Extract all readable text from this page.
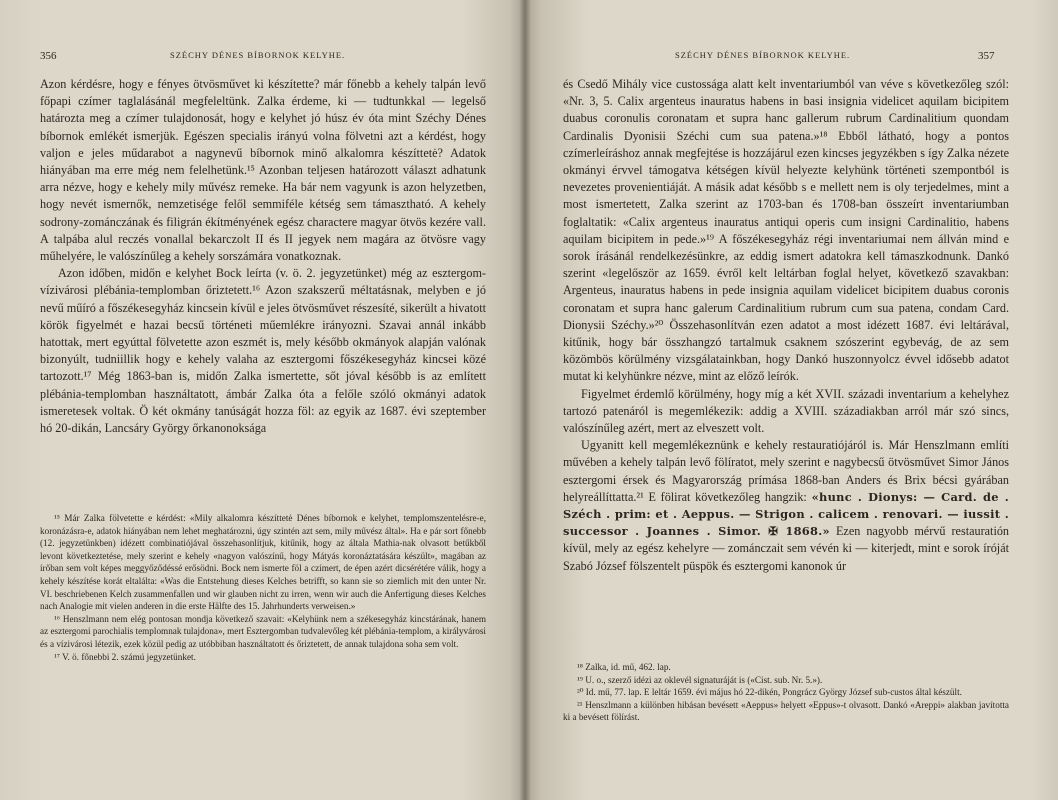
356	SZÉCHY DÉNES BÍBORNOK KELYHE.

Azon kérdésre, hogy e fényes ötvösművet ki készítette? már főnebb a kehely talpán levő főpapi czímer taglalásánál megfeleltünk. Zalka érdeme, ki — tudtunkkal — legelső határozta meg a czímer tulajdonosát, hogy e kelyhet jó húsz év óta mint Széchy Dénes bíbornok emlékét ismerjük. Egészen specialis irányú volna fölvetni azt a kérdést, hogy valjon e jeles műdarabot a nagynevű bíbornok minő alkalomra készíttetė? Adatok hiányában ma erre még nem felelhetünk.¹⁵ Azonban teljesen határozott választ adhatunk arra nézve, hogy e kehely mily művész remeke. Ha bár nem vagyunk is azon helyzetben, hogy nevét ismernők, nemzetisége felől semmiféle kétség sem támasztható. A kehely sodrony-zománczának és filigrán ékítményének egész charactere magyar ötvös kezére vall. A talpába alul reczés vonallal bekarczolt II és II jegyek nem magára az ötvösre vagy műhelyére, le valószínűleg a kehely sorszámára vonatkoznak.

Azon időben, midőn e kelyhet Bock leírta (v. ö. 2. jegyzetünket) még az esztergom-vízivárosi plébánia-templomban őriztetett.¹⁶ Azon szakszerű méltatásnak, melyben e jó nevű műíró a főszékesegyház kincsein kívül e jeles ötvösművet részesíté, sikerült a hivatott körök figyelmét e hazai becsű történeti műemlékre irányozni. Szavai annál inkább hatottak, mert egyúttal fölvetette azon eszmét is, mely később okmányok alapján valónak bizonyúlt, tudniillik hogy e kehely valaha az esztergomi főszékesegyház kincsei közé tartozott.¹⁷ Még 1863-ban is, midőn Zalka ismertette, sőt jóval később is az említett plébánia-templomban használtatott, ámbár Zalka óta a felőle szóló okmányi adatok ismeretesek voltak. Ö két okmány tanúságát hozza föl: az egyik az 1687. évi szeptember hó 20-dikán, Lancsáry György őrkanonoksága

¹⁵ Már Zalka fölvetette e kérdést: «Mily alkalomra készíttetė Dénes bíbornok e kelyhet, templomszentelésre-e, koronázásra-e, adatok hiányában nem lehet meghatározni, úgy szintén azt sem, mily művész által». Ha e pár sort főnebb (12. jegyzetünkben) idézett combinatiójával összehasonlítjuk, kitűnik, hogy az általa Mathia-nak olvasott betűkből levont következtetése, mely szerint e kehely «nagyon valószínű, hogy Mátyás koronáztatására készült», magában az írőban sem volt képes meggyőződéssé erősödni. Bock nem ismerte föl a czímert, de épen azért dicsérétére válik, hogy a kehely készítése korát eltalálta: «Was die Entstehung dieses Kelches betrifft, so kann sie so ziemlich mit den unter Nr. VI. beschriebenen Kelch zusammenfallen und wir glauben nicht zu irren, wenn wir auch die Anfertigung dieses Kelches nach Analogie mit vielen anderen in die erste Hälfte des 15. Jahrhunderts verweisen.»

¹⁶ Henszlmann nem elég pontosan mondja következő szavait: «Kelyhünk nem a székesegyház kincstárának, hanem az esztergomi parochialis templomnak tulajdona», mert Esztergomban tudvalevőleg két plébánia-templom, a királyvárosi és a vízivárosi létezik, ezek közül pedig az utóbbiban használtatott és őriztetett, de annak tulajdona soha sem volt.

¹⁷ V. ö. főnebbi 2. számú jegyzetünket.

SZÉCHY DÉNES BÍBORNOK KELYHE.	357

és Csedő Mihály vice custossága alatt kelt inventariumból van véve s következőleg szól: «Nr. 3, 5. Calix argenteus inauratus habens in basi insignia videlicet aquilam bicipitem duabus coronulis coronatam et supra hanc gallerum rubrum Cardinalitium quondam Cardinalis Dyonisii Széchi cum sua patena.»¹⁸ Ebből látható, hogy a pontos czímerleíráshoz annak megfejtése is hozzájárul ezen kincses jegyzékben s így Zalka nézete okmányi érvvel támogatva kétségen kívül helyezte kelyhünk történeti szempontból is nevezetes provenientiáját. A másik adat később s e mellett nem is oly terjedelmes, mint a most ismertetett, Zalka szerint az 1703-ban és 1708-ban összeírt inventariumban foglaltatik: «Calix argenteus inauratus antiqui operis cum insigni Cardinalitio, habens aquilam bicipitem in pede.»¹⁹ A főszékesegyház régi inventariumai nem állván mind e sorok írásánál rendelkezésünkre, az eddig ismert adatokra kell támaszkodnunk. Dankó szerint «legelőször az 1659. évről kelt leltárban foglal helyet, következő szavakban: Argenteus, inauratus habens in pede insignia aquilam videlicet bicipitem duabus coronis coronatam et supra hanc galerum Cardinalitium rubrum cum sua patena, condam Card. Dionysii Széchy.»²⁰ Összehasonlítván ezen adatot a most idézett 1687. évi leltárával, kitűnik, hogy bár összhangzó tartalmuk csaknem szószerint egybevág, de az sem közömbös körülmény vizsgálatainkban, hogy Dankó huszonnyolcz évvel idősebb adatot mutat ki kelyhünkre nézve, mint az előző leírók.

Figyelmet érdemlő körülmény, hogy míg a két XVII. századi inventarium a kehelyhez tartozó patenáról is megemlékezik: addig a XVIII. századiakban arról már szó sincs, valószínűleg azért, mert az elveszett volt.

Ugyanitt kell megemlékeznünk e kehely restauratiójáról is. Már Henszlmann említi művében a kehely talpán levő fölíratot, mely szerint e nagybecsű ötvösművet Simor János esztergomi érsek és Magyarország prímása 1868-ban Anders és Brix bécsi gyárában helyreállíttatta.²¹ E fölirat következőleg hangzik: «hunc . Dionys: — Card. de . Széch . prim: et . Aeppus. — Strigon . calicem . renovari. — iussit . successor . Joannes . Simor. ✠ 1868.» Ezen nagyobb mérvű restauratión kívül, mely az egész kehelyre — zománczait sem vévén ki — kiterjedt, mint e sorok íróját Szabó József fölszentelt püspök és esztergomi kanonok úr

¹⁸ Zalka, id. mű, 462. lap.

¹⁹ U. o., szerző idézi az oklevél signaturáját is («Cist. sub. Nr. 5.»).

²⁰ Id. mű, 77. lap. E leltár 1659. évi május hó 22-dikén, Pongrácz György József sub-custos által készült.

²¹ Henszlmann a különben hibásan bevésett «Aeppus» helyett «Eppus»-t olvasott. Dankó «Areppi» alakban javította ki a bevésett fölírást.
